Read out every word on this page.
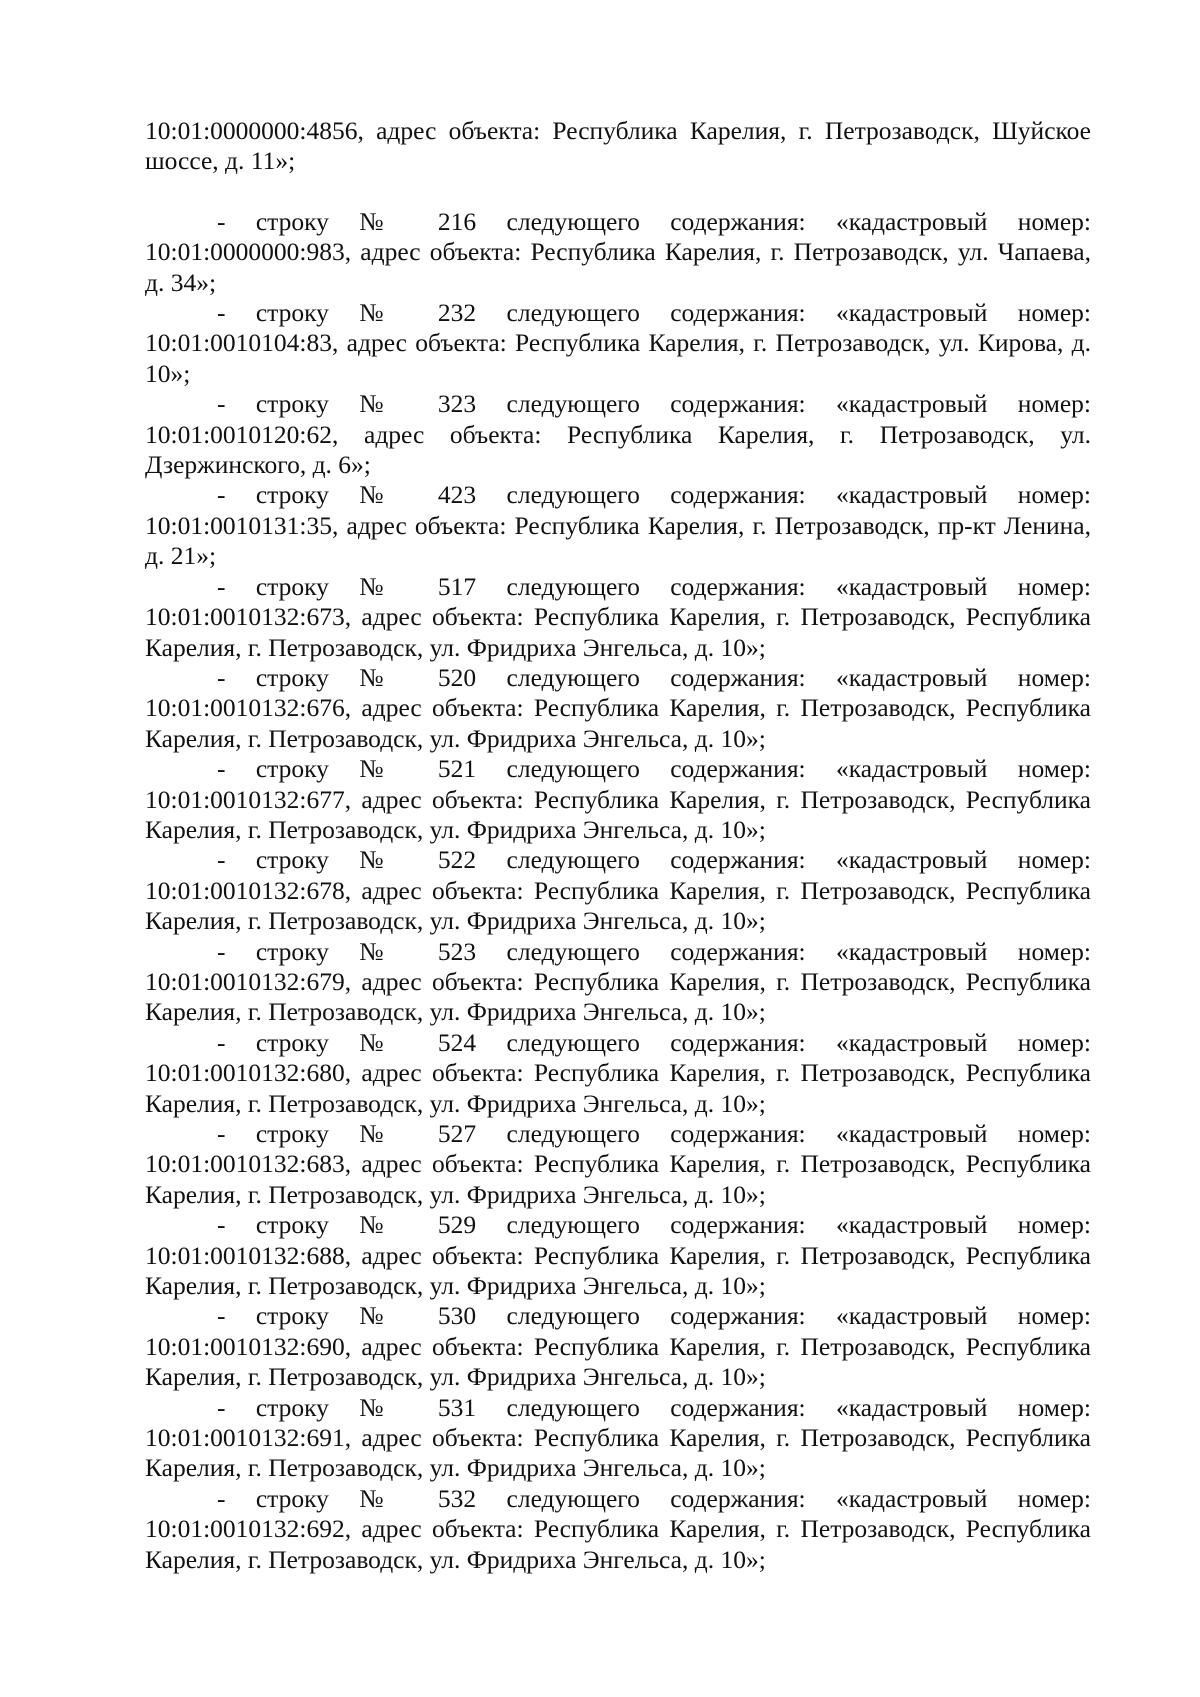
10:01:0000000:4856, адрес объекта: Республика Карелия, г. Петрозаводск, Шуйское шоссе, д. 11»;

- строку № 216 следующего содержания: «кадастровый номер: 10:01:0000000:983, адрес объекта: Республика Карелия, г. Петрозаводск, ул. Чапаева, д. 34»;

- строку № 232 следующего содержания: «кадастровый номер: 10:01:0010104:83, адрес объекта: Республика Карелия, г. Петрозаводск, ул. Кирова, д. 10»;

- строку № 323 следующего содержания: «кадастровый номер: 10:01:0010120:62, адрес объекта: Республика Карелия, г. Петрозаводск, ул. Дзержинского, д. 6»;

- строку № 423 следующего содержания: «кадастровый номер: 10:01:0010131:35, адрес объекта: Республика Карелия, г. Петрозаводск, пр-кт Ленина, д. 21»;

- строку № 517 следующего содержания: «кадастровый номер: 10:01:0010132:673, адрес объекта: Республика Карелия, г. Петрозаводск, Республика Карелия, г. Петрозаводск, ул. Фридриха Энгельса, д. 10»;

- строку № 520 следующего содержания: «кадастровый номер: 10:01:0010132:676, адрес объекта: Республика Карелия, г. Петрозаводск, Республика Карелия, г. Петрозаводск, ул. Фридриха Энгельса, д. 10»;

- строку № 521 следующего содержания: «кадастровый номер: 10:01:0010132:677, адрес объекта: Республика Карелия, г. Петрозаводск, Республика Карелия, г. Петрозаводск, ул. Фридриха Энгельса, д. 10»;

- строку № 522 следующего содержания: «кадастровый номер: 10:01:0010132:678, адрес объекта: Республика Карелия, г. Петрозаводск, Республика Карелия, г. Петрозаводск, ул. Фридриха Энгельса, д. 10»;

- строку № 523 следующего содержания: «кадастровый номер: 10:01:0010132:679, адрес объекта: Республика Карелия, г. Петрозаводск, Республика Карелия, г. Петрозаводск, ул. Фридриха Энгельса, д. 10»;

- строку № 524 следующего содержания: «кадастровый номер: 10:01:0010132:680, адрес объекта: Республика Карелия, г. Петрозаводск, Республика Карелия, г. Петрозаводск, ул. Фридриха Энгельса, д. 10»;

- строку № 527 следующего содержания: «кадастровый номер: 10:01:0010132:683, адрес объекта: Республика Карелия, г. Петрозаводск, Республика Карелия, г. Петрозаводск, ул. Фридриха Энгельса, д. 10»;

- строку № 529 следующего содержания: «кадастровый номер: 10:01:0010132:688, адрес объекта: Республика Карелия, г. Петрозаводск, Республика Карелия, г. Петрозаводск, ул. Фридриха Энгельса, д. 10»;

- строку № 530 следующего содержания: «кадастровый номер: 10:01:0010132:690, адрес объекта: Республика Карелия, г. Петрозаводск, Республика Карелия, г. Петрозаводск, ул. Фридриха Энгельса, д. 10»;

- строку № 531 следующего содержания: «кадастровый номер: 10:01:0010132:691, адрес объекта: Республика Карелия, г. Петрозаводск, Республика Карелия, г. Петрозаводск, ул. Фридриха Энгельса, д. 10»;

- строку № 532 следующего содержания: «кадастровый номер: 10:01:0010132:692, адрес объекта: Республика Карелия, г. Петрозаводск, Республика Карелия, г. Петрозаводск, ул. Фридриха Энгельса, д. 10»;
